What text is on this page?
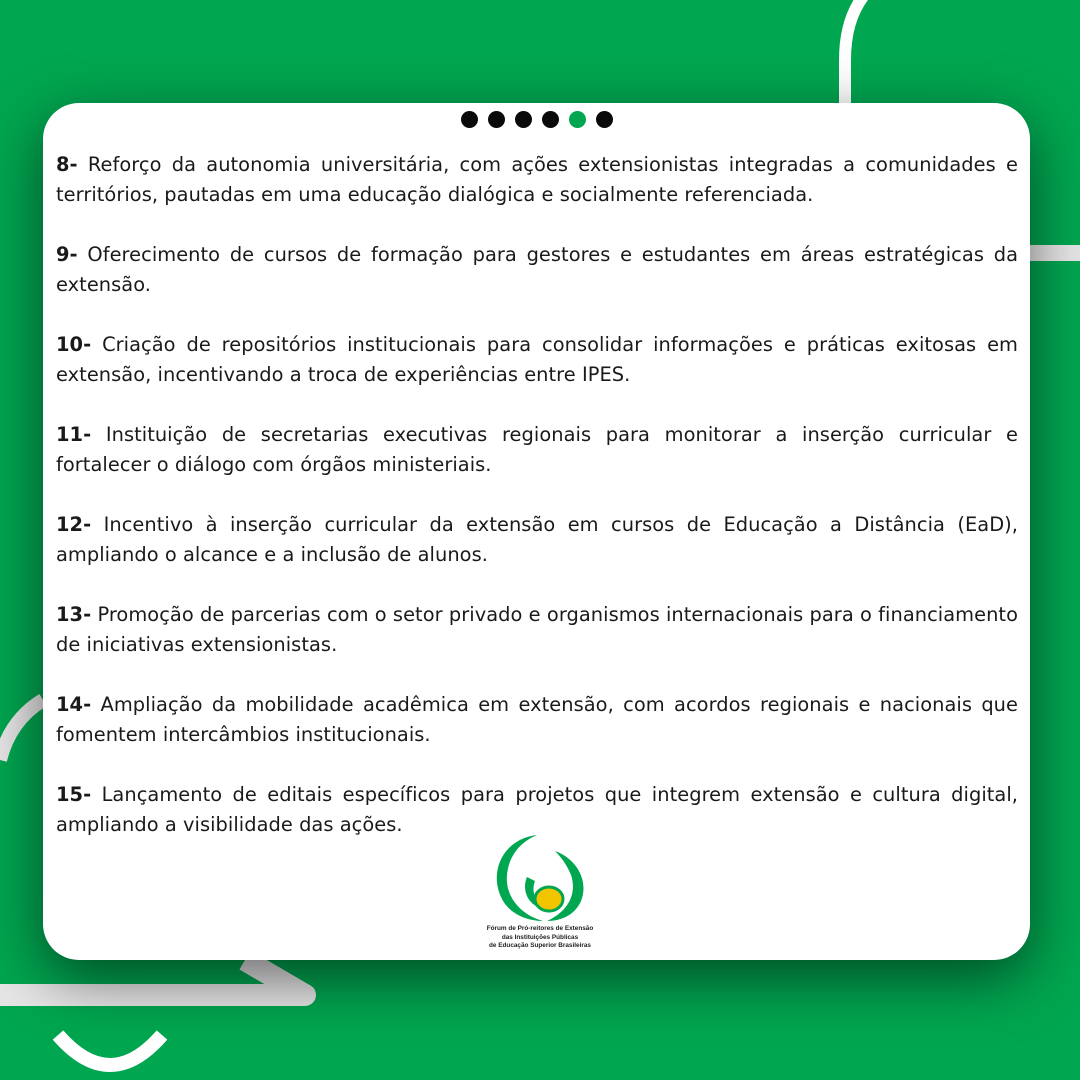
8- Reforço da autonomia universitária, com ações extensionistas integradas a comunidades e territórios, pautadas em uma educação dialógica e socialmente referenciada.
9- Oferecimento de cursos de formação para gestores e estudantes em áreas estratégicas da extensão.
10- Criação de repositórios institucionais para consolidar informações e práticas exitosas em extensão, incentivando a troca de experiências entre IPES.
11- Instituição de secretarias executivas regionais para monitorar a inserção curricular e fortalecer o diálogo com órgãos ministeriais.
12- Incentivo à inserção curricular da extensão em cursos de Educação a Distância (EaD), ampliando o alcance e a inclusão de alunos.
13- Promoção de parcerias com o setor privado e organismos internacionais para o financiamento de iniciativas extensionistas.
14- Ampliação da mobilidade acadêmica em extensão, com acordos regionais e nacionais que fomentem intercâmbios institucionais.
15- Lançamento de editais específicos para projetos que integrem extensão e cultura digital, ampliando a visibilidade das ações.
Fórum de Pró-reitores de Extensão
das Instituições Públicas
de Educação Superior Brasileiras
